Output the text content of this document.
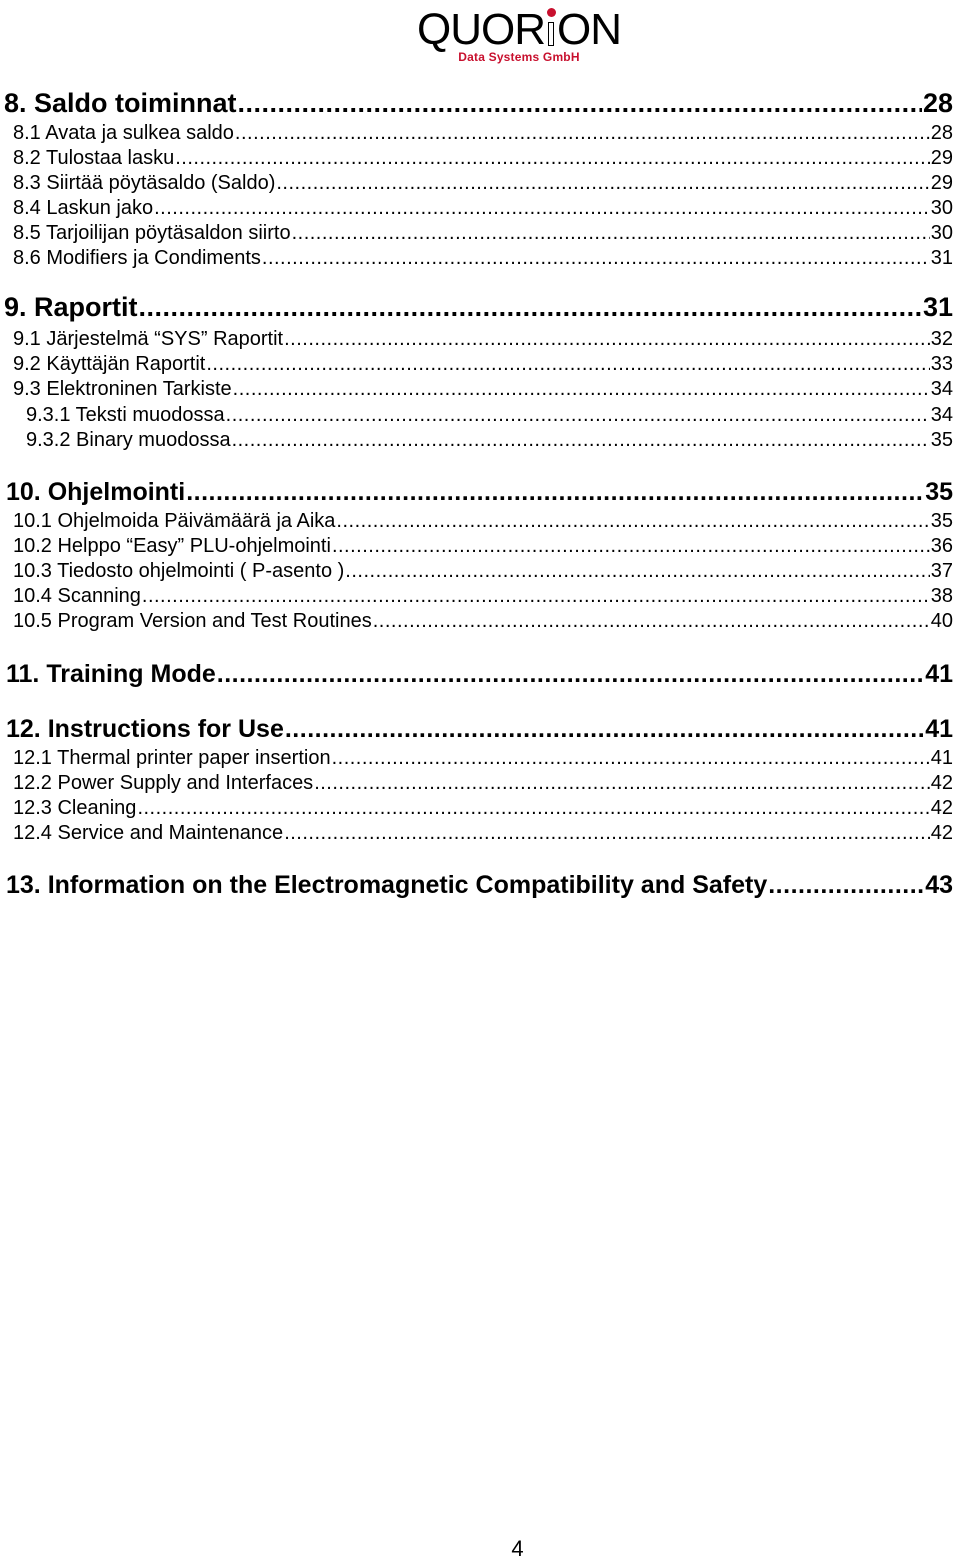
QUOR ON
Data Systems GmbH
8. Saldo toiminnat .....	28
8.1 Avata ja sulkea saldo .....	28
8.2 Tulostaa lasku .....	29
8.3 Siirtää pöytäsaldo (Saldo) .....	29
8.4 Laskun jako .....	30
8.5 Tarjoilijan pöytäsaldon siirto .....	30
8.6 Modifiers ja Condiments .....	31
9. Raportit .....	31
9.1 Järjestelmä “SYS” Raportit .....	32
9.2 Käyttäjän Raportit .....	33
9.3 Elektroninen Tarkiste .....	34
9.3.1 Teksti muodossa .....	34
9.3.2 Binary muodossa .....	35
10. Ohjelmointi .....	35
10.1 Ohjelmoida Päivämäärä ja Aika .....	35
10.2 Helppo “Easy” PLU-ohjelmointi .....	36
10.3 Tiedosto ohjelmointi ( P-asento ) .....	37
10.4 Scanning .....	38
10.5 Program Version and Test Routines .....	40
11. Training Mode .....	41
12. Instructions for Use .....	41
12.1 Thermal printer paper insertion .....	41
12.2 Power Supply and Interfaces .....	42
12.3 Cleaning .....	42
12.4 Service and Maintenance .....	42
13. Information on the Electromagnetic Compatibility and Safety .....	43
4
